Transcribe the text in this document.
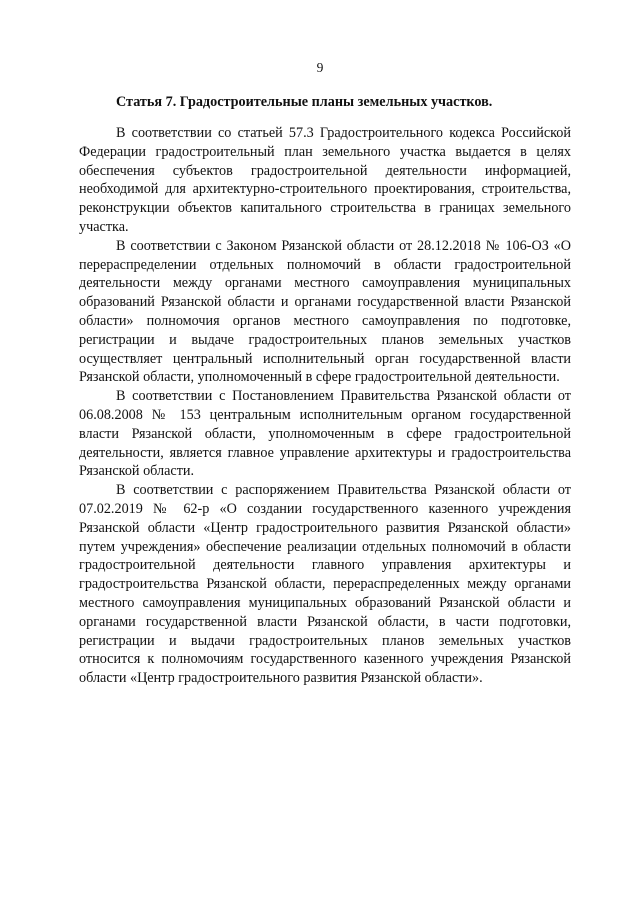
9

Статья 7. Градостроительные планы земельных участков.

В соответствии со статьей 57.3 Градостроительного кодекса Российской Федерации градостроительный план земельного участка выдается в целях обеспечения субъектов градостроительной деятельности информацией, необходимой для архитектурно-строительного проектирования, строительства, реконструкции объектов капитального строительства в границах земельного участка.

В соответствии с Законом Рязанской области от 28.12.2018 № 106-ОЗ «О перераспределении отдельных полномочий в области градостроительной деятельности между органами местного самоуправления муниципальных образований Рязанской области и органами государственной власти Рязанской области» полномочия органов местного самоуправления по подготовке, регистрации и выдаче градостроительных планов земельных участков осуществляет центральный исполнительный орган государственной власти Рязанской области, уполномоченный в сфере градостроительной деятельности.

В соответствии с Постановлением Правительства Рязанской области от 06.08.2008 № 153 центральным исполнительным органом государственной власти Рязанской области, уполномоченным в сфере градостроительной деятельности, является главное управление архитектуры и градостроительства Рязанской области.

В соответствии с распоряжением Правительства Рязанской области от 07.02.2019 № 62-р «О создании государственного казенного учреждения Рязанской области «Центр градостроительного развития Рязанской области» путем учреждения» обеспечение реализации отдельных полномочий в области градостроительной деятельности главного управления архитектуры и градостроительства Рязанской области, перераспределенных между органами местного самоуправления муниципальных образований Рязанской области и органами государственной власти Рязанской области, в части подготовки, регистрации и выдачи градостроительных планов земельных участков относится к полномочиям государственного казенного учреждения Рязанской области «Центр градостроительного развития Рязанской области».
